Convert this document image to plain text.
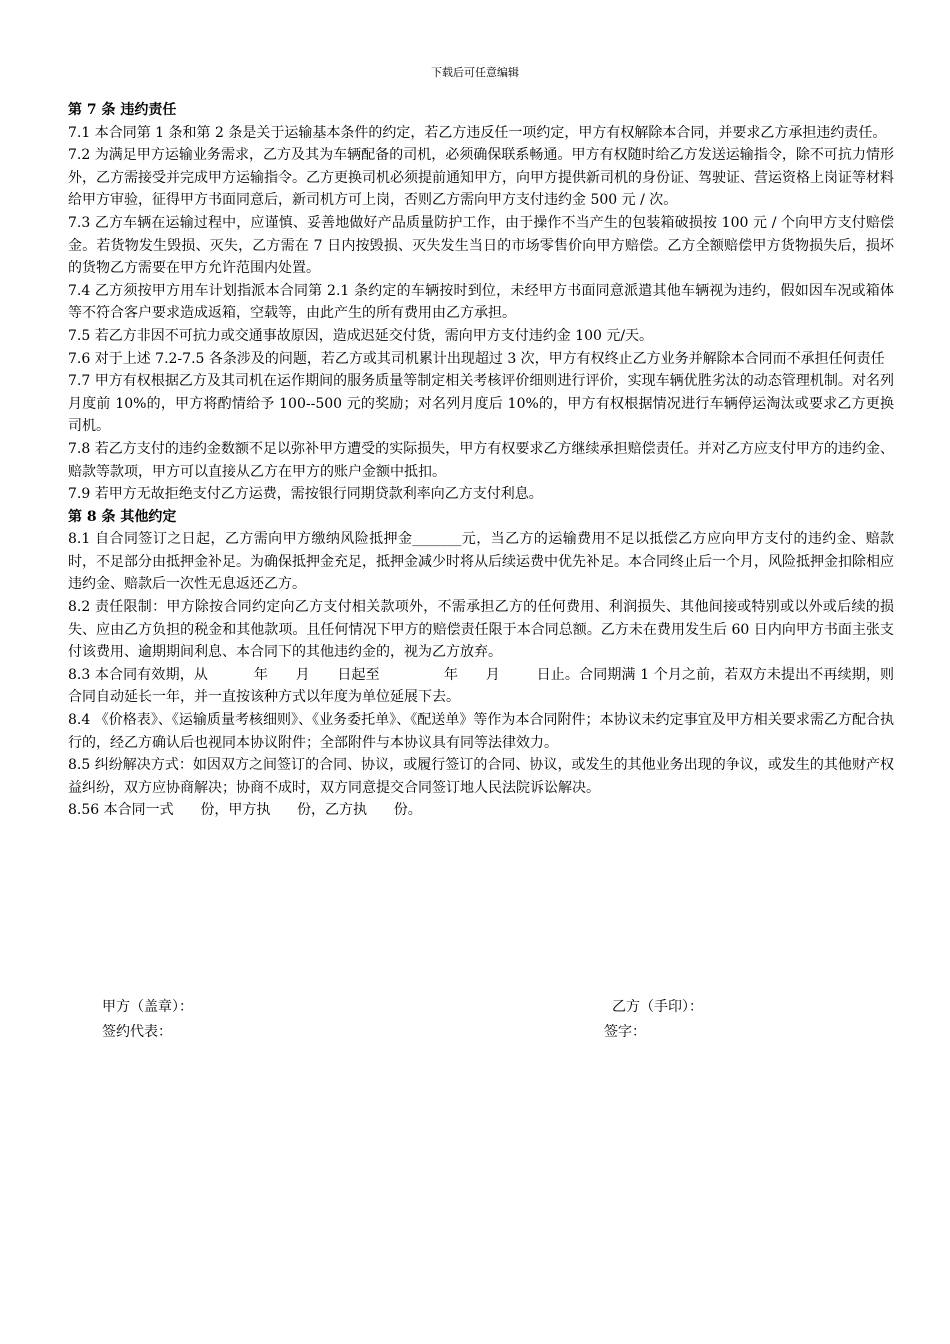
下载后可任意编辑
第 7 条 违约责任

7.1 本合同第 1 条和第 2 条是关于运输基本条件的约定，若乙方违反任一项约定，甲方有权解除本合同，并要求乙方承担违约责任。

7.2 为满足甲方运输业务需求，乙方及其为车辆配备的司机，必须确保联系畅通。甲方有权随时给乙方发送运输指令，除不可抗力情形外，乙方需接受并完成甲方运输指令。乙方更换司机必须提前通知甲方，向甲方提供新司机的身份证、驾驶证、营运资格上岗证等材料给甲方审验，征得甲方书面同意后，新司机方可上岗，否则乙方需向甲方支付违约金 500 元 / 次。

7.3 乙方车辆在运输过程中，应谨慎、妥善地做好产品质量防护工作，由于操作不当产生的包装箱破损按 100 元 / 个向甲方支付赔偿金。若货物发生毁损、灭失，乙方需在 7 日内按毁损、灭失发生当日的市场零售价向甲方赔偿。乙方全额赔偿甲方货物损失后，损坏的货物乙方需要在甲方允许范围内处置。

7.4 乙方须按甲方用车计划指派本合同第 2.1 条约定的车辆按时到位，未经甲方书面同意派遣其他车辆视为违约，假如因车况或箱体等不符合客户要求造成返箱，空载等，由此产生的所有费用由乙方承担。

7.5 若乙方非因不可抗力或交通事故原因，造成迟延交付货，需向甲方支付违约金 100 元/天。

7.6 对于上述 7.2-7.5 各条涉及的问题，若乙方或其司机累计出现超过 3 次，甲方有权终止乙方业务并解除本合同而不承担任何责任

7.7 甲方有权根据乙方及其司机在运作期间的服务质量等制定相关考核评价细则进行评价，实现车辆优胜劣汰的动态管理机制。对名列月度前 10%的，甲方将酌情给予 100--500 元的奖励；对名列月度后 10%的，甲方有权根据情况进行车辆停运淘汰或要求乙方更换司机。

7.8 若乙方支付的违约金数额不足以弥补甲方遭受的实际损失，甲方有权要求乙方继续承担赔偿责任。并对乙方应支付甲方的违约金、赔款等款项，甲方可以直接从乙方在甲方的账户金额中抵扣。

7.9 若甲方无故拒绝支付乙方运费，需按银行同期贷款利率向乙方支付利息。

第 8 条 其他约定

8.1 自合同签订之日起，乙方需向甲方缴纳风险抵押金_______元，当乙方的运输费用不足以抵偿乙方应向甲方支付的违约金、赔款时，不足部分由抵押金补足。为确保抵押金充足，抵押金减少时将从后续运费中优先补足。本合同终止后一个月，风险抵押金扣除相应违约金、赔款后一次性无息返还乙方。

8.2 责任限制：甲方除按合同约定向乙方支付相关款项外，不需承担乙方的任何费用、利润损失、其他间接或特别或以外或后续的损失、应由乙方负担的税金和其他款项。且任何情况下甲方的赔偿责任限于本合同总额。乙方未在费用发生后 60 日内向甲方书面主张支付该费用、逾期期间利息、本合同下的其他违约金的，视为乙方放弃。

8.3 本合同有效期，从          年      月      日起至              年      月        日止。合同期满 1 个月之前，若双方未提出不再续期，则合同自动延长一年，并一直按该种方式以年度为单位延展下去。

8.4 《价格表》、《运输质量考核细则》、《业务委托单》、《配送单》等作为本合同附件；本协议未约定事宜及甲方相关要求需乙方配合执行的，经乙方确认后也视同本协议附件；全部附件与本协议具有同等法律效力。

8.5 纠纷解决方式：如因双方之间签订的合同、协议，或履行签订的合同、协议，或发生的其他业务出现的争议，或发生的其他财产权益纠纷，双方应协商解决；协商不成时，双方同意提交合同签订地人民法院诉讼解决。

8.56 本合同一式      份，甲方执      份，乙方执      份。

甲方（盖章）：	乙方（手印）：
签约代表：	签字：
